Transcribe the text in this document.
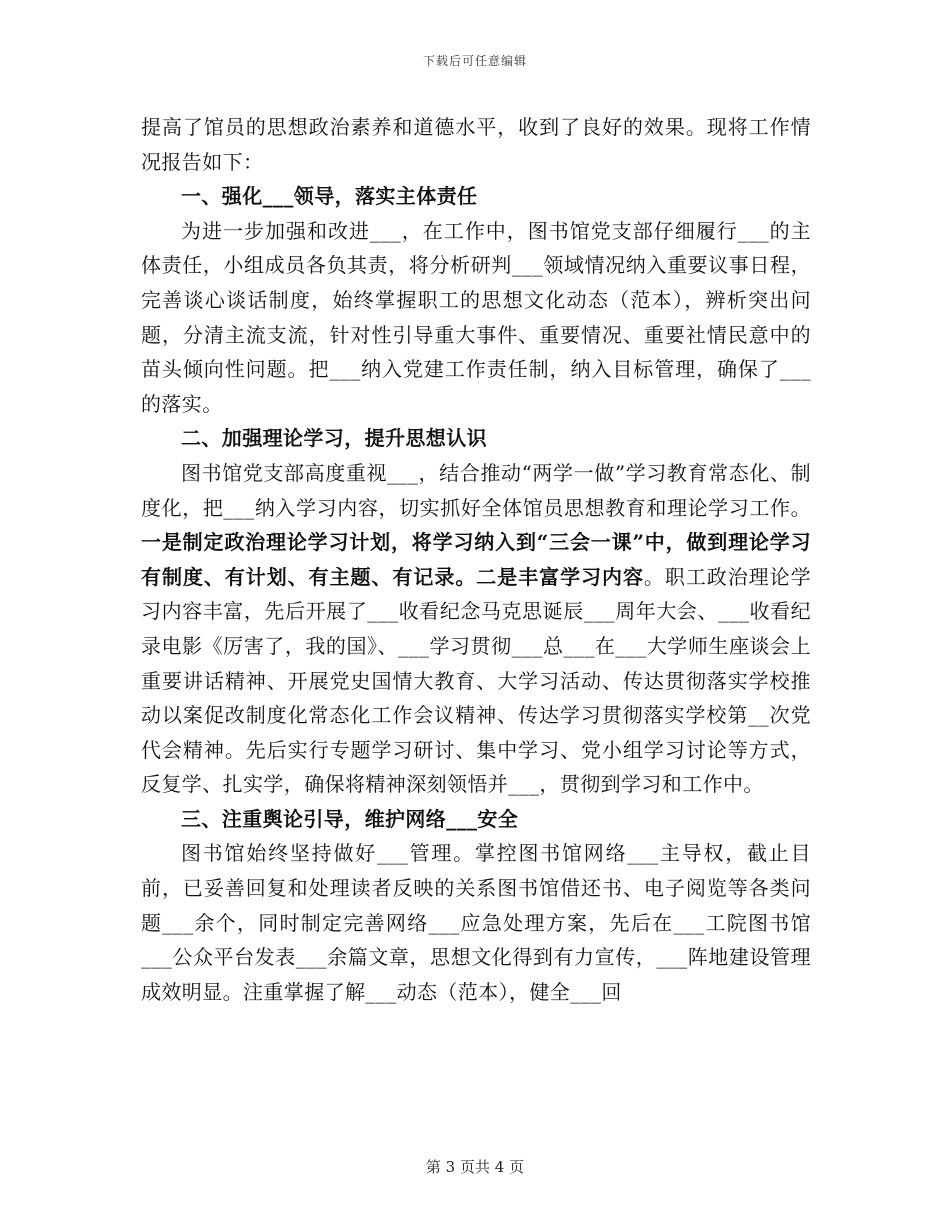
下载后可任意编辑

提高了馆员的思想政治素养和道德水平，收到了良好的效果。现将工作情况报告如下：

一、强化___领导，落实主体责任

为进一步加强和改进___，在工作中，图书馆党支部仔细履行___的主体责任，小组成员各负其责，将分析研判___领域情况纳入重要议事日程，完善谈心谈话制度，始终掌握职工的思想文化动态（范本），辨析突出问题，分清主流支流，针对性引导重大事件、重要情况、重要社情民意中的苗头倾向性问题。把___纳入党建工作责任制，纳入目标管理，确保了___的落实。

二、加强理论学习，提升思想认识

图书馆党支部高度重视___，结合推动“两学一做”学习教育常态化、制度化，把___纳入学习内容，切实抓好全体馆员思想教育和理论学习工作。一是制定政治理论学习计划，将学习纳入到“三会一课”中，做到理论学习有制度、有计划、有主题、有记录。二是丰富学习内容。职工政治理论学习内容丰富，先后开展了___收看纪念马克思诞辰___周年大会、___收看纪录电影《厉害了，我的国》、___学习贯彻___总___在___大学师生座谈会上重要讲话精神、开展党史国情大教育、大学习活动、传达贯彻落实学校推动以案促改制度化常态化工作会议精神、传达学习贯彻落实学校第__次党代会精神。先后实行专题学习研讨、集中学习、党小组学习讨论等方式，反复学、扎实学，确保将精神深刻领悟并___，贯彻到学习和工作中。

三、注重舆论引导，维护网络___安全

图书馆始终坚持做好___管理。掌控图书馆网络___主导权，截止目前，已妥善回复和处理读者反映的关系图书馆借还书、电子阅览等各类问题___余个，同时制定完善网络___应急处理方案，先后在___工院图书馆___公众平台发表___余篇文章，思想文化得到有力宣传，___阵地建设管理成效明显。注重掌握了解___动态（范本），健全___回

第 3 页共 4 页
